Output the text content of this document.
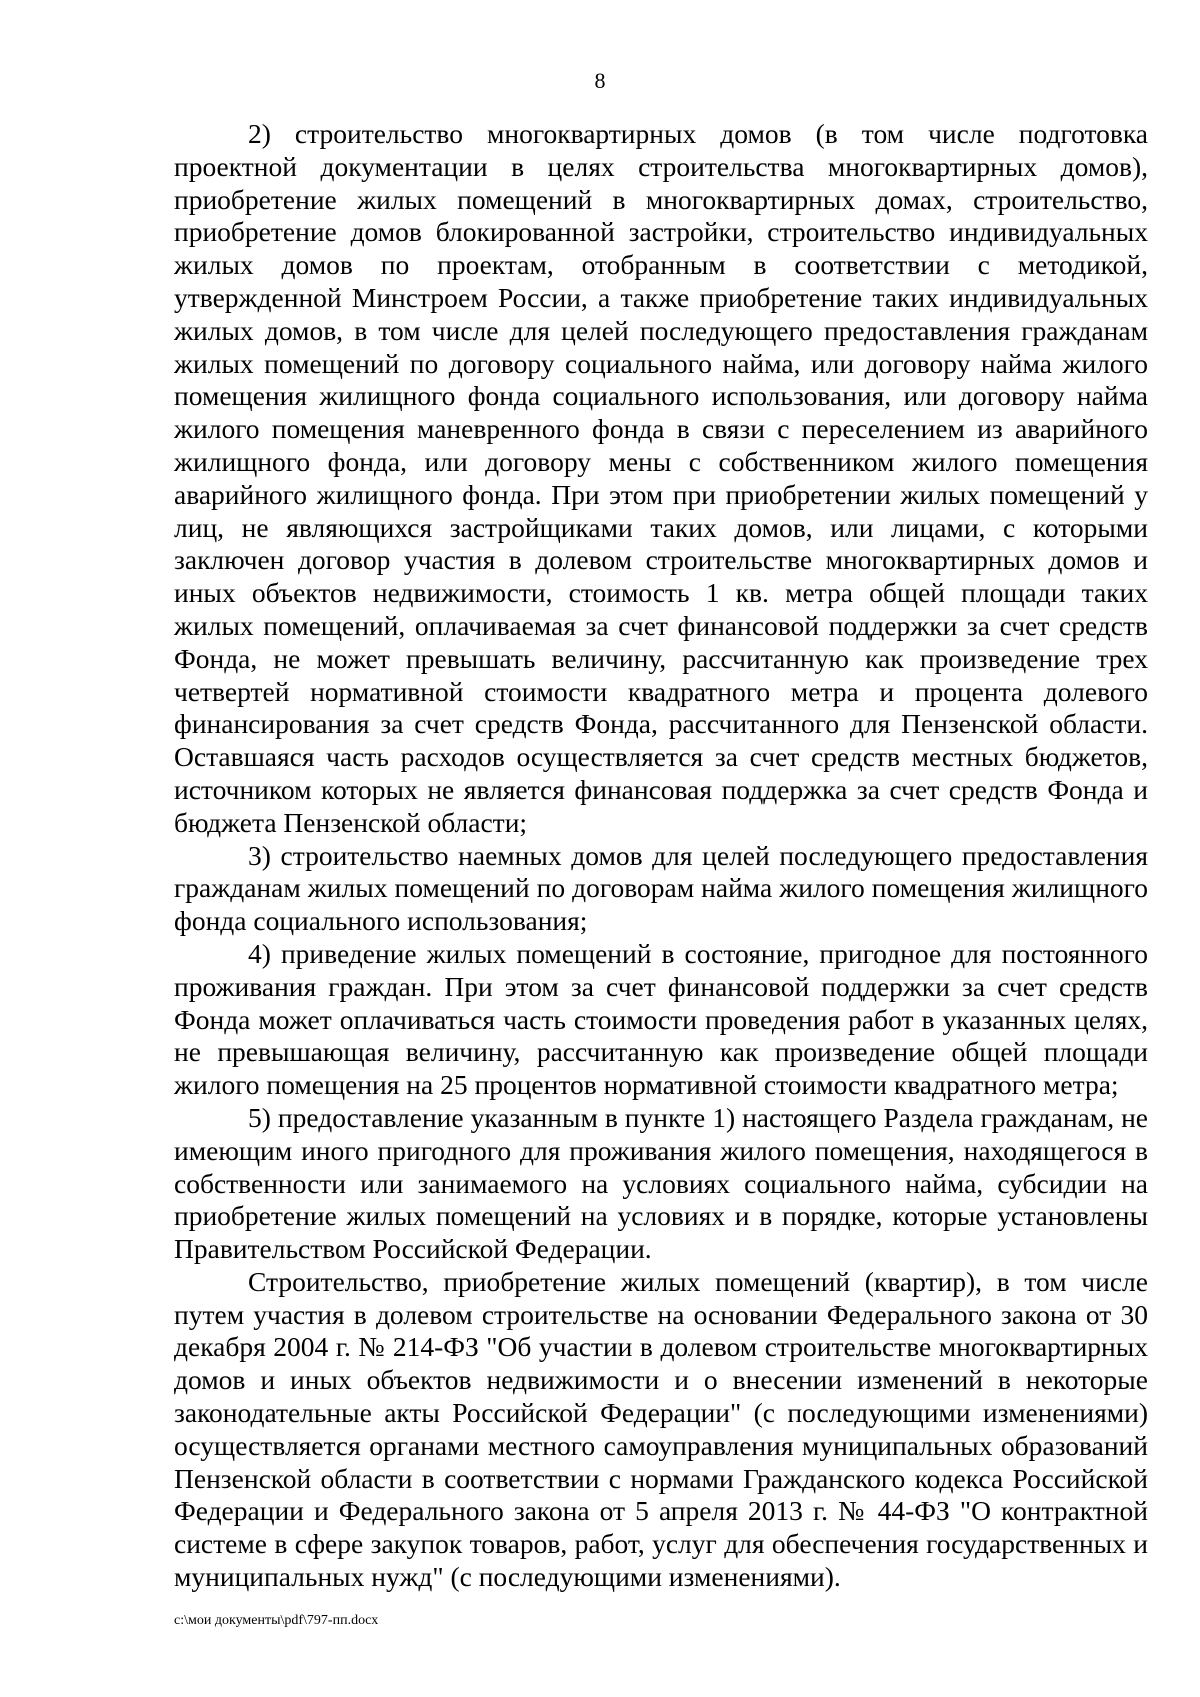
8

2) строительство многоквартирных домов (в том числе подготовка проектной документации в целях строительства многоквартирных домов), приобретение жилых помещений в многоквартирных домах, строительство, приобретение домов блокированной застройки, строительство индивидуальных жилых домов по проектам, отобранным в соответствии с методикой, утвержденной Минстроем России, а также приобретение таких индивидуальных жилых домов, в том числе для целей последующего предоставления гражданам жилых помещений по договору социального найма, или договору найма жилого помещения жилищного фонда социального использования, или договору найма жилого помещения маневренного фонда в связи с переселением из аварийного жилищного фонда, или договору мены с собственником жилого помещения аварийного жилищного фонда. При этом при приобретении жилых помещений у лиц, не являющихся застройщиками таких домов, или лицами, с которыми заключен договор участия в долевом строительстве многоквартирных домов и иных объектов недвижимости, стоимость 1 кв. метра общей площади таких жилых помещений, оплачиваемая за счет финансовой поддержки за счет средств Фонда, не может превышать величину, рассчитанную как произведение трех четвертей нормативной стоимости квадратного метра и процента долевого финансирования за счет средств Фонда, рассчитанного для Пензенской области. Оставшаяся часть расходов осуществляется за счет средств местных бюджетов, источником которых не является финансовая поддержка за счет средств Фонда и бюджета Пензенской области;

3) строительство наемных домов для целей последующего предоставления гражданам жилых помещений по договорам найма жилого помещения жилищного фонда социального использования;

4) приведение жилых помещений в состояние, пригодное для постоянного проживания граждан. При этом за счет финансовой поддержки за счет средств Фонда может оплачиваться часть стоимости проведения работ в указанных целях, не превышающая величину, рассчитанную как произведение общей площади жилого помещения на 25 процентов нормативной стоимости квадратного метра;

5) предоставление указанным в пункте 1) настоящего Раздела гражданам, не имеющим иного пригодного для проживания жилого помещения, находящегося в собственности или занимаемого на условиях социального найма, субсидии на приобретение жилых помещений на условиях и в порядке, которые установлены Правительством Российской Федерации.

Строительство, приобретение жилых помещений (квартир), в том числе путем участия в долевом строительстве на основании Федерального закона от 30 декабря 2004 г. № 214-ФЗ "Об участии в долевом строительстве многоквартирных домов и иных объектов недвижимости и о внесении изменений в некоторые законодательные акты Российской Федерации" (с последующими изменениями) осуществляется органами местного самоуправления муниципальных образований Пензенской области в соответствии с нормами Гражданского кодекса Российской Федерации и Федерального закона от 5 апреля 2013 г. № 44-ФЗ "О контрактной системе в сфере закупок товаров, работ, услуг для обеспечения государственных и муниципальных нужд" (с последующими изменениями).

c:\мои документы\pdf\797-пп.docx
